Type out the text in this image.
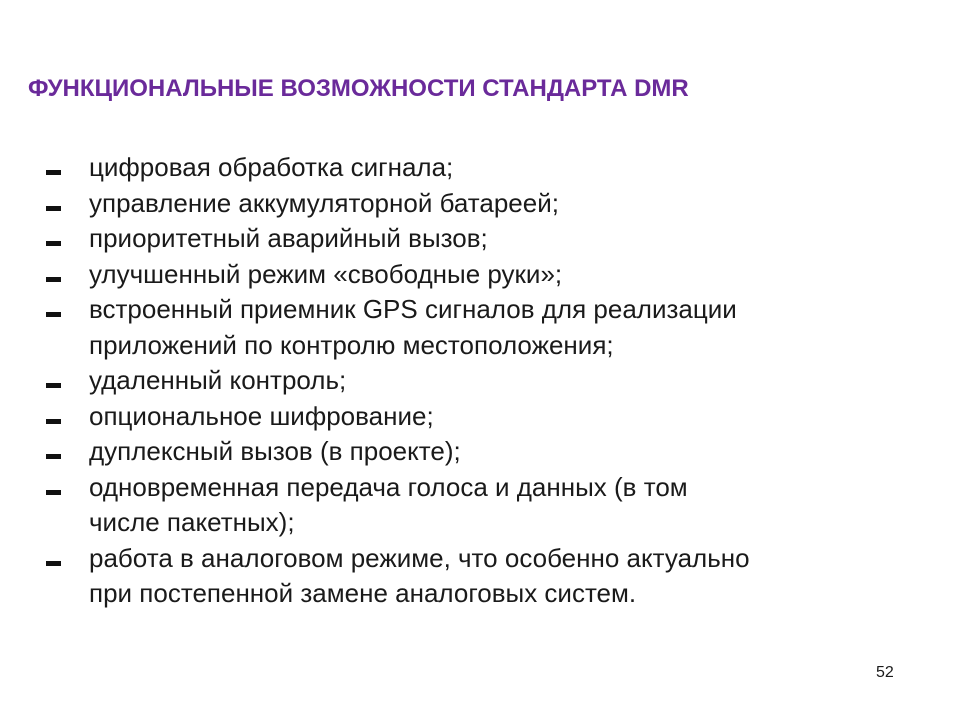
ФУНКЦИОНАЛЬНЫЕ ВОЗМОЖНОСТИ СТАНДАРТА DMR
цифровая обработка сигнала;
управление аккумуляторной батареей;
приоритетный аварийный вызов;
улучшенный режим «свободные руки»;
встроенный приемник GPS сигналов для реализации
приложений по контролю местоположения;
удаленный контроль;
опциональное шифрование;
дуплексный вызов (в проекте);
одновременная передача голоса и данных (в том
числе пакетных);
работа в аналоговом режиме, что особенно актуально
при постепенной замене аналоговых систем.
52
